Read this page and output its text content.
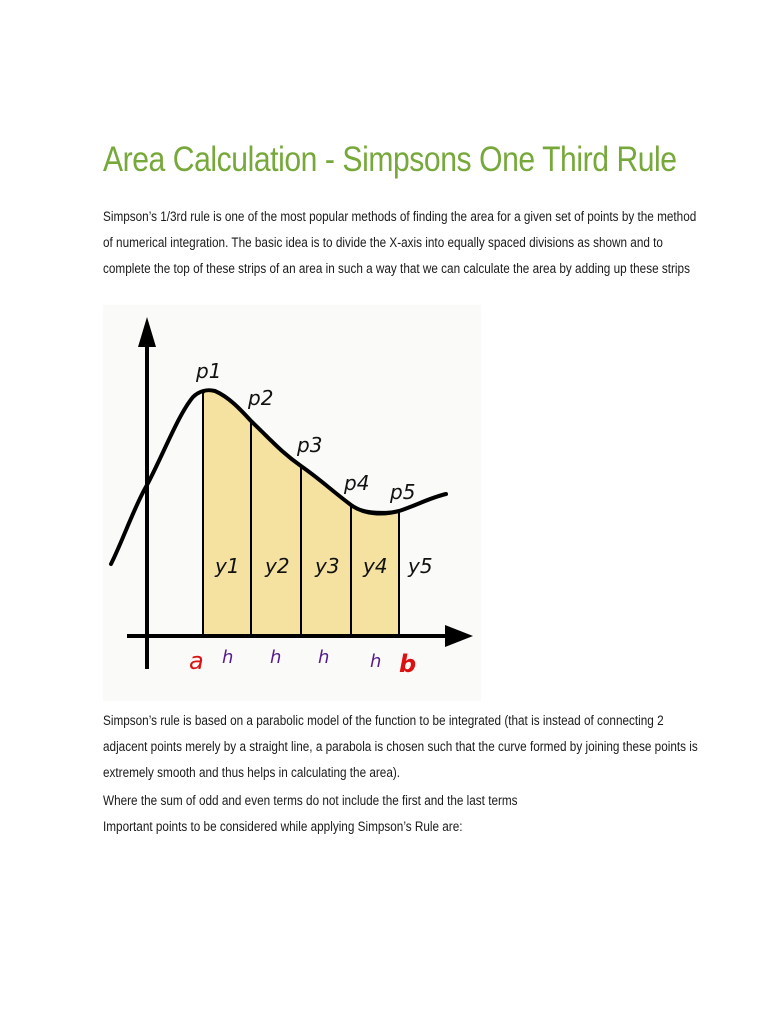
Area Calculation - Simpsons One Third Rule

Simpson’s 1/3rd rule is one of the most popular methods of finding the area for a given set of points by the method of numerical integration. The basic idea is to divide the X-axis into equally spaced divisions as shown and to complete the top of these strips of an area in such a way that we can calculate the area by adding up these strips

p1
p2
p3
p4 p5
y1 y2 y3 y4 y5
a h h h h b

Simpson’s rule is based on a parabolic model of the function to be integrated (that is instead of connecting 2 adjacent points merely by a straight line, a parabola is chosen such that the curve formed by joining these points is extremely smooth and thus helps in calculating the area).

Where the sum of odd and even terms do not include the first and the last terms

Important points to be considered while applying Simpson’s Rule are:
